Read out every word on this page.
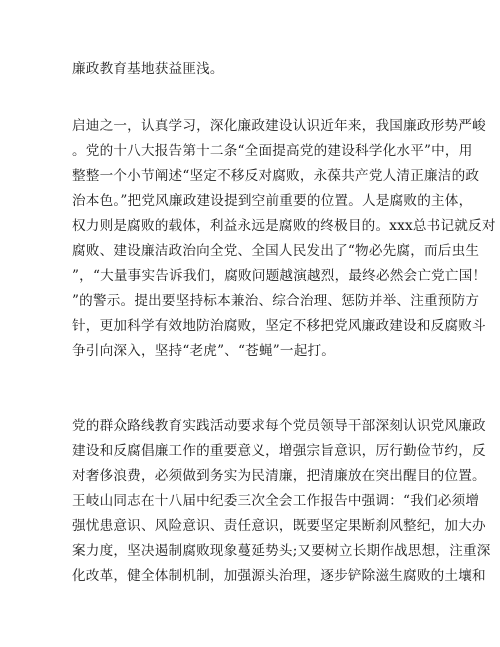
廉政教育基地获益匪浅。
启迪之一，认真学习，深化廉政建设认识近年来，我国廉政形势严峻
。党的十八大报告第十二条“全面提高党的建设科学化水平”中，用
整整一个小节阐述“坚定不移反对腐败，永葆共产党人清正廉洁的政
治本色。”把党风廉政建设提到空前重要的位置。人是腐败的主体，
权力则是腐败的载体，利益永远是腐败的终极目的。xxx总书记就反对
腐败、建设廉洁政治向全党、全国人民发出了“物必先腐，而后虫生
”，“大量事实告诉我们，腐败问题越演越烈，最终必然会亡党亡国！
”的警示。提出要坚持标本兼治、综合治理、惩防并举、注重预防方
针，更加科学有效地防治腐败，坚定不移把党风廉政建设和反腐败斗
争引向深入，坚持“老虎”、“苍蝇”一起打。
党的群众路线教育实践活动要求每个党员领导干部深刻认识党风廉政
建设和反腐倡廉工作的重要意义，增强宗旨意识，厉行勤俭节约，反
对奢侈浪费，必须做到务实为民清廉，把清廉放在突出醒目的位置。
王岐山同志在十八届中纪委三次全会工作报告中强调：“我们必须增
强忧患意识、风险意识、责任意识，既要坚定果断刹风整纪，加大办
案力度，坚决遏制腐败现象蔓延势头;又要树立长期作战思想，注重深
化改革，健全体制机制，加强源头治理，逐步铲除滋生腐败的土壤和
